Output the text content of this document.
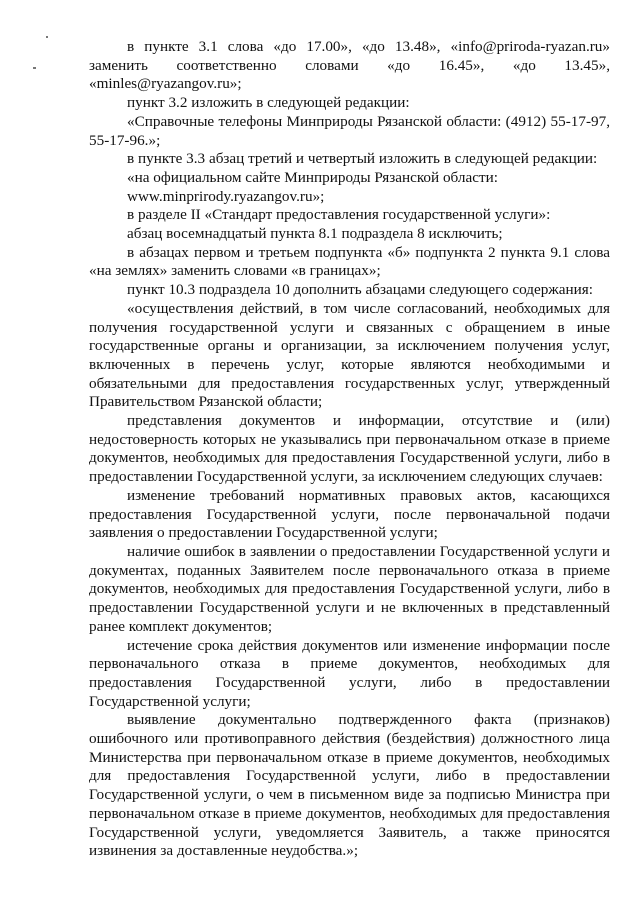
в пункте 3.1 слова «до 17.00», «до 13.48», «info@priroda-ryazan.ru» заменить соответственно словами «до 16.45», «до 13.45», «minles@ryazangov.ru»;

пункт 3.2 изложить в следующей редакции:

«Справочные телефоны Минприроды Рязанской области: (4912) 55-17-97, 55-17-96.»;

в пункте 3.3 абзац третий и четвертый изложить в следующей редакции:

«на официальном сайте Минприроды Рязанской области:

www.minprirody.ryazangov.ru»;

в разделе II «Стандарт предоставления государственной услуги»:

абзац восемнадцатый пункта 8.1 подраздела 8 исключить;

в абзацах первом и третьем подпункта «б» подпункта 2 пункта 9.1 слова «на землях» заменить словами «в границах»;

пункт 10.3 подраздела 10 дополнить абзацами следующего содержания:

«осуществления действий, в том числе согласований, необходимых для получения государственной услуги и связанных с обращением в иные государственные органы и организации, за исключением получения услуг, включенных в перечень услуг, которые являются необходимыми и обязательными для предоставления государственных услуг, утвержденный Правительством Рязанской области;

представления документов и информации, отсутствие и (или) недостоверность которых не указывались при первоначальном отказе в приеме документов, необходимых для предоставления Государственной услуги, либо в предоставлении Государственной услуги, за исключением следующих случаев:

изменение требований нормативных правовых актов, касающихся предоставления Государственной услуги, после первоначальной подачи заявления о предоставлении Государственной услуги;

наличие ошибок в заявлении о предоставлении Государственной услуги и документах, поданных Заявителем после первоначального отказа в приеме документов, необходимых для предоставления Государственной услуги, либо в предоставлении Государственной услуги и не включенных в представленный ранее комплект документов;

истечение срока действия документов или изменение информации после первоначального отказа в приеме документов, необходимых для предоставления Государственной услуги, либо в предоставлении Государственной услуги;

выявление документально подтвержденного факта (признаков) ошибочного или противоправного действия (бездействия) должностного лица Министерства при первоначальном отказе в приеме документов, необходимых для предоставления Государственной услуги, либо в предоставлении Государственной услуги, о чем в письменном виде за подписью Министра при первоначальном отказе в приеме документов, необходимых для предоставления Государственной услуги, уведомляется Заявитель, а также приносятся извинения за доставленные неудобства.»;
